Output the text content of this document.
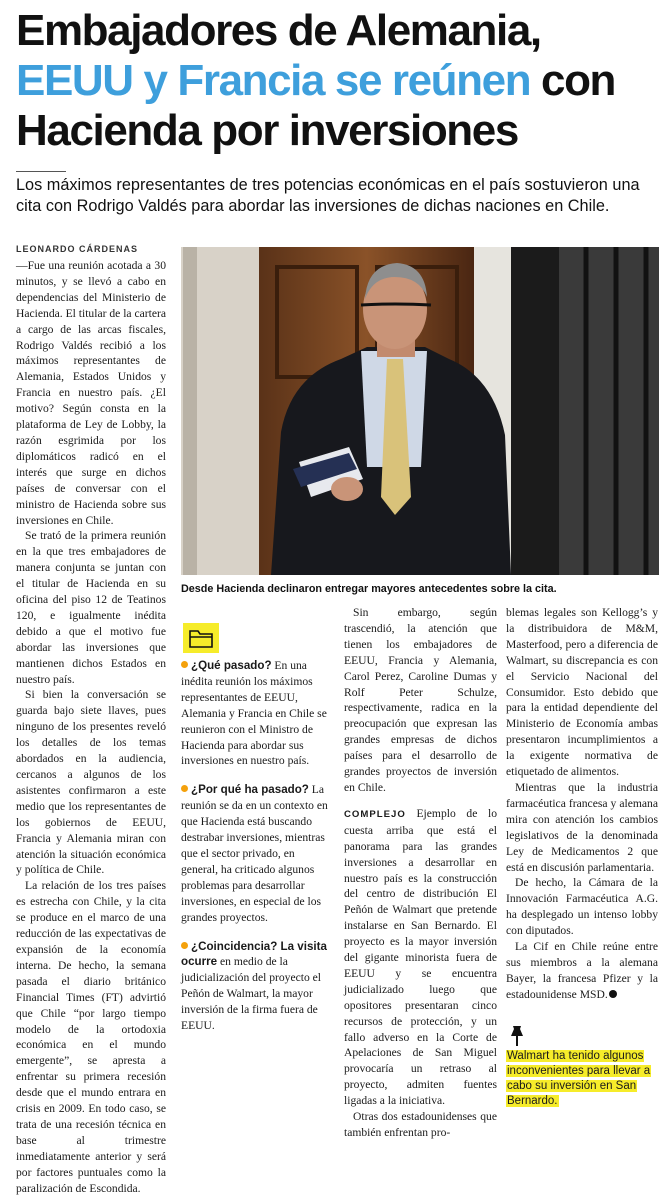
Embajadores de Alemania,
EEUU y Francia se reúnen con
Hacienda por inversiones

Los máximos representantes de tres potencias económicas en el país sostuvieron una cita con Rodrigo Valdés para abordar las inversiones de dichas naciones en Chile.

LEONARDO CÁRDENAS

—Fue una reunión acotada a 30 minutos, y se llevó a cabo en dependencias del Ministerio de Hacienda. El titular de la cartera a cargo de las arcas fiscales, Rodrigo Valdés recibió a los máximos representantes de Alemania, Estados Unidos y Francia en nuestro país. ¿El motivo? Según consta en la plataforma de Ley de Lobby, la razón esgrimida por los diplomáticos radicó en el interés que surge en dichos países de conversar con el ministro de Hacienda sobre sus inversiones en Chile.

Se trató de la primera reunión en la que tres embajadores de manera conjunta se juntan con el titular de Hacienda en su oficina del piso 12 de Teatinos 120, e igualmente inédita debido a que el motivo fue abordar las inversiones que mantienen dichos Estados en nuestro país.

Si bien la conversación se guarda bajo siete llaves, pues ninguno de los presentes reveló los detalles de los temas abordados en la audiencia, cercanos a algunos de los asistentes confirmaron a este medio que los representantes de los gobiernos de EEUU, Francia y Alemania miran con atención la situación económica y política de Chile.

La relación de los tres países es estrecha con Chile, y la cita se produce en el marco de una reducción de las expectativas de expansión de la economía interna. De hecho, la semana pasada el diario británico Financial Times (FT) advirtió que Chile “por largo tiempo modelo de la ortodoxia económica en el mundo emergente”, se apresta a enfrentar su primera recesión desde que el mundo entrara en crisis en 2009. En todo caso, se trata de una recesión técnica en base al trimestre inmediatamente anterior y será por factores puntuales como la paralización de Escondida.

Desde Hacienda declinaron entregar mayores antecedentes sobre la cita.

¿Qué pasado? En una inédita reunión los máximos representantes de EEUU, Alemania y Francia en Chile se reunieron con el Ministro de Hacienda para abordar sus inversiones en nuestro país.

¿Por qué ha pasado? La reunión se da en un contexto en que Hacienda está buscando destrabar inversiones, mientras que el sector privado, en general, ha criticado algunos problemas para desarrollar inversiones, en especial de los grandes proyectos.

¿Coincidencia? La visita ocurre en medio de la judicialización del proyecto el Peñón de Walmart, la mayor inversión de la firma fuera de EEUU.

Sin embargo, según trascendió, la atención que tienen los embajadores de EEUU, Francia y Alemania, Carol Perez, Caroline Dumas y Rolf Peter Schulze, respectivamente, radica en la preocupación que expresan las grandes empresas de dichos países para el desarrollo de grandes proyectos de inversión en Chile.

COMPLEJO Ejemplo de lo cuesta arriba que está el panorama para las grandes inversiones a desarrollar en nuestro país es la construcción del centro de distribución El Peñón de Walmart que pretende instalarse en San Bernardo. El proyecto es la mayor inversión del gigante minorista fuera de EEUU y se encuentra judicializado luego que opositores presentaran cinco recursos de protección, y un fallo adverso en la Corte de Apelaciones de San Miguel provocaría un retraso al proyecto, admiten fuentes ligadas a la iniciativa.

Otras dos estadounidenses que también enfrentan pro-

blemas legales son Kellogg’s y la distribuidora de M&M, Masterfood, pero a diferencia de Walmart, su discrepancia es con el Servicio Nacional del Consumidor. Esto debido que para la entidad dependiente del Ministerio de Economía ambas presentaron incumplimientos a la exigente normativa de etiquetado de alimentos.

Mientras que la industria farmacéutica francesa y alemana mira con atención los cambios legislativos de la denominada Ley de Medicamentos 2 que está en discusión parlamentaria.

De hecho, la Cámara de la Innovación Farmacéutica A.G. ha desplegado un intenso lobby con diputados.

La Cif en Chile reúne entre sus miembros a la alemana Bayer, la francesa Pfizer y la estadounidense MSD.

Walmart ha tenido algunos inconvenientes para llevar a cabo su inversión en San Bernardo.
